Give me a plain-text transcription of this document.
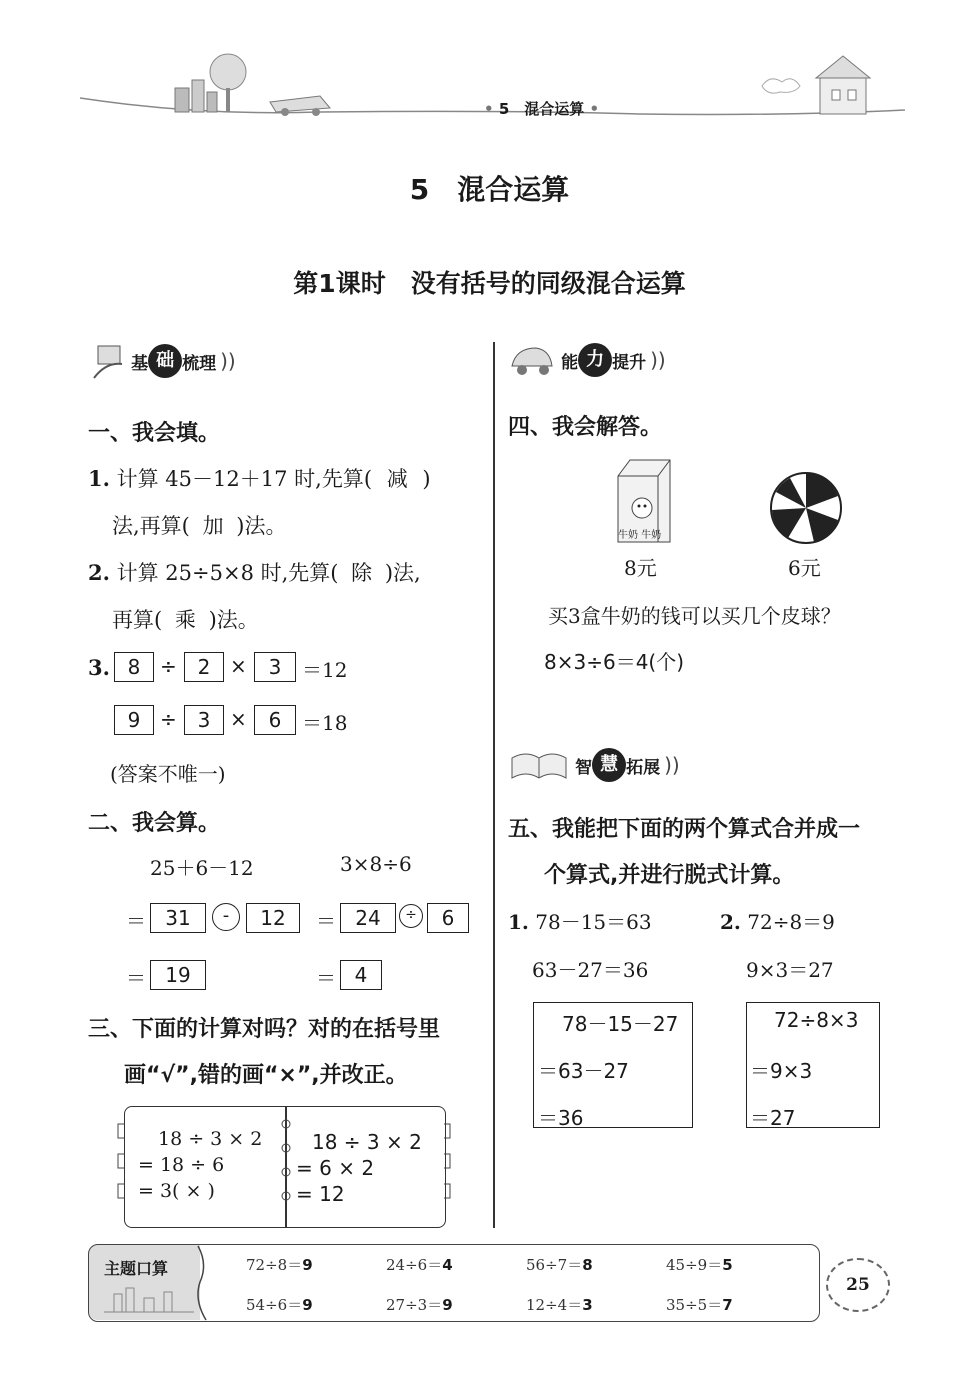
• 5　混合运算 •
5　混合运算
第1课时　没有括号的同级混合运算
基 础 梳理 ))
一、我会填。
1. 计算 45－12＋17 时,先算( 减 )
法,再算( 加 )法。
2. 计算 25÷5×8 时,先算( 除 )法,
再算( 乘 )法。
3. 8 ÷	2 ×	3	＝12
9 ÷	3 ×	6	＝18
(答案不唯一)
二、我会算。
25＋6－12	3×8÷6
＝ 31	-	12	＝ 24	÷	6
＝ 19	＝ 4
三、下面的计算对吗？对的在括号里
画“√”,错的画“×”,并改正。
18 ÷ 3 × 2
= 18 ÷ 6
= 3( × )
18 ÷ 3 × 2
= 6 × 2
= 12
能 力 提升 ))
四、我会解答。
牛奶 牛奶
8元	6元
买3盒牛奶的钱可以买几个皮球？
8×3÷6＝4(个)
智 慧 拓展 ))
五、我能把下面的两个算式合并成一
个算式,并进行脱式计算。
1. 78－15＝63
63－27＝36
2. 72÷8＝9
9×3＝27
78－15－27
＝63－27
＝36
72÷8×3
＝9×3
＝27
主题口算	72÷8＝9	24÷6＝4	56÷7＝8	45÷9＝5
54÷6＝9	27÷3＝9	12÷4＝3	35÷5＝7
25
